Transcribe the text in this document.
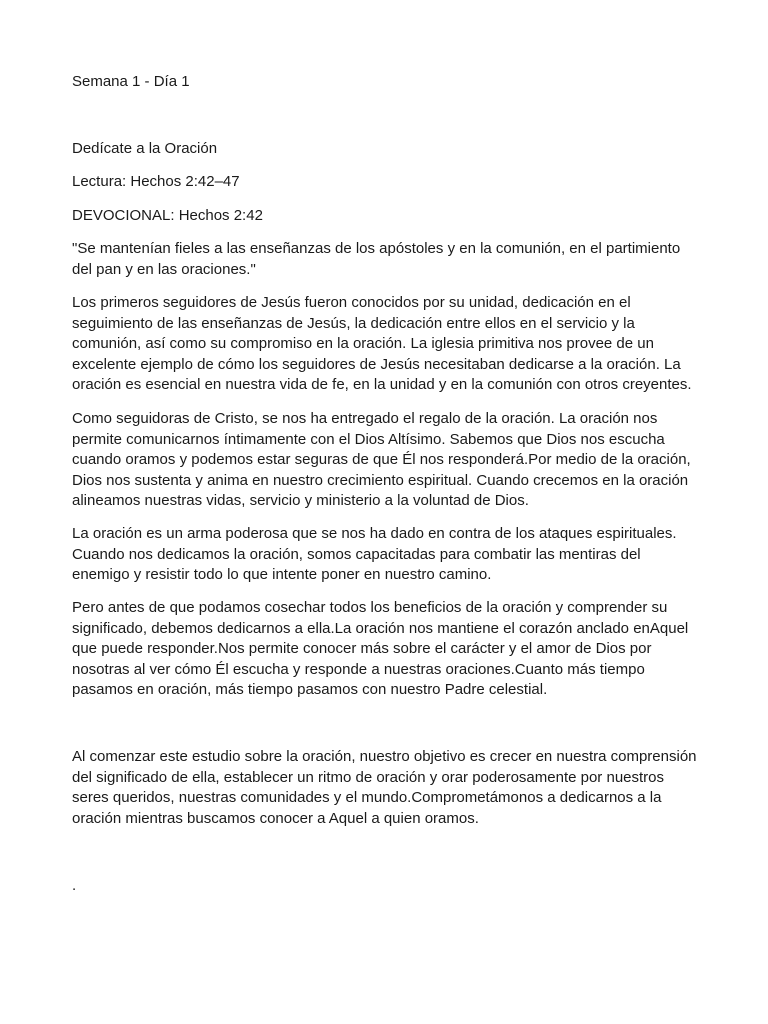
Semana 1 - Día 1

Dedícate a la Oración

Lectura: Hechos 2:42–47

DEVOCIONAL: Hechos 2:42

"Se mantenían fieles a las enseñanzas de los apóstoles y en la comunión, en el partimiento del pan y en las oraciones."

Los primeros seguidores de Jesús fueron conocidos por su unidad, dedicación en el seguimiento de las enseñanzas de Jesús, la dedicación entre ellos en el servicio y la comunión, así como su compromiso en la oración. La iglesia primitiva nos provee de un excelente ejemplo de cómo los seguidores de Jesús necesitaban dedicarse a la oración. La oración es esencial en nuestra vida de fe, en la unidad y en la comunión con otros creyentes.

Como seguidoras de Cristo, se nos ha entregado el regalo de la oración. La oración nos permite comunicarnos íntimamente con el Dios Altísimo. Sabemos que Dios nos escucha cuando oramos y podemos estar seguras de que Él nos responderá.Por medio de la oración, Dios nos sustenta y anima en nuestro crecimiento espiritual. Cuando crecemos en la oración alineamos nuestras vidas, servicio y ministerio a la voluntad de Dios.

La oración es un arma poderosa que se nos ha dado en contra de los ataques espirituales. Cuando nos dedicamos la oración, somos capacitadas para combatir las mentiras del enemigo y resistir todo lo que intente poner en nuestro camino.

Pero antes de que podamos cosechar todos los beneficios de la oración y comprender su significado, debemos dedicarnos a ella.La oración nos mantiene el corazón anclado enAquel que puede responder.Nos permite conocer más sobre el carácter y el amor de Dios por nosotras al ver cómo Él escucha y responde a nuestras oraciones.Cuanto más tiempo pasamos en oración, más tiempo pasamos con nuestro Padre celestial.

Al comenzar este estudio sobre la oración, nuestro objetivo es crecer en nuestra comprensión del significado de ella, establecer un ritmo de oración y orar poderosamente por nuestros seres queridos, nuestras comunidades y el mundo.Comprometámonos a dedicarnos a la oración mientras buscamos conocer a Aquel a quien oramos.

.
